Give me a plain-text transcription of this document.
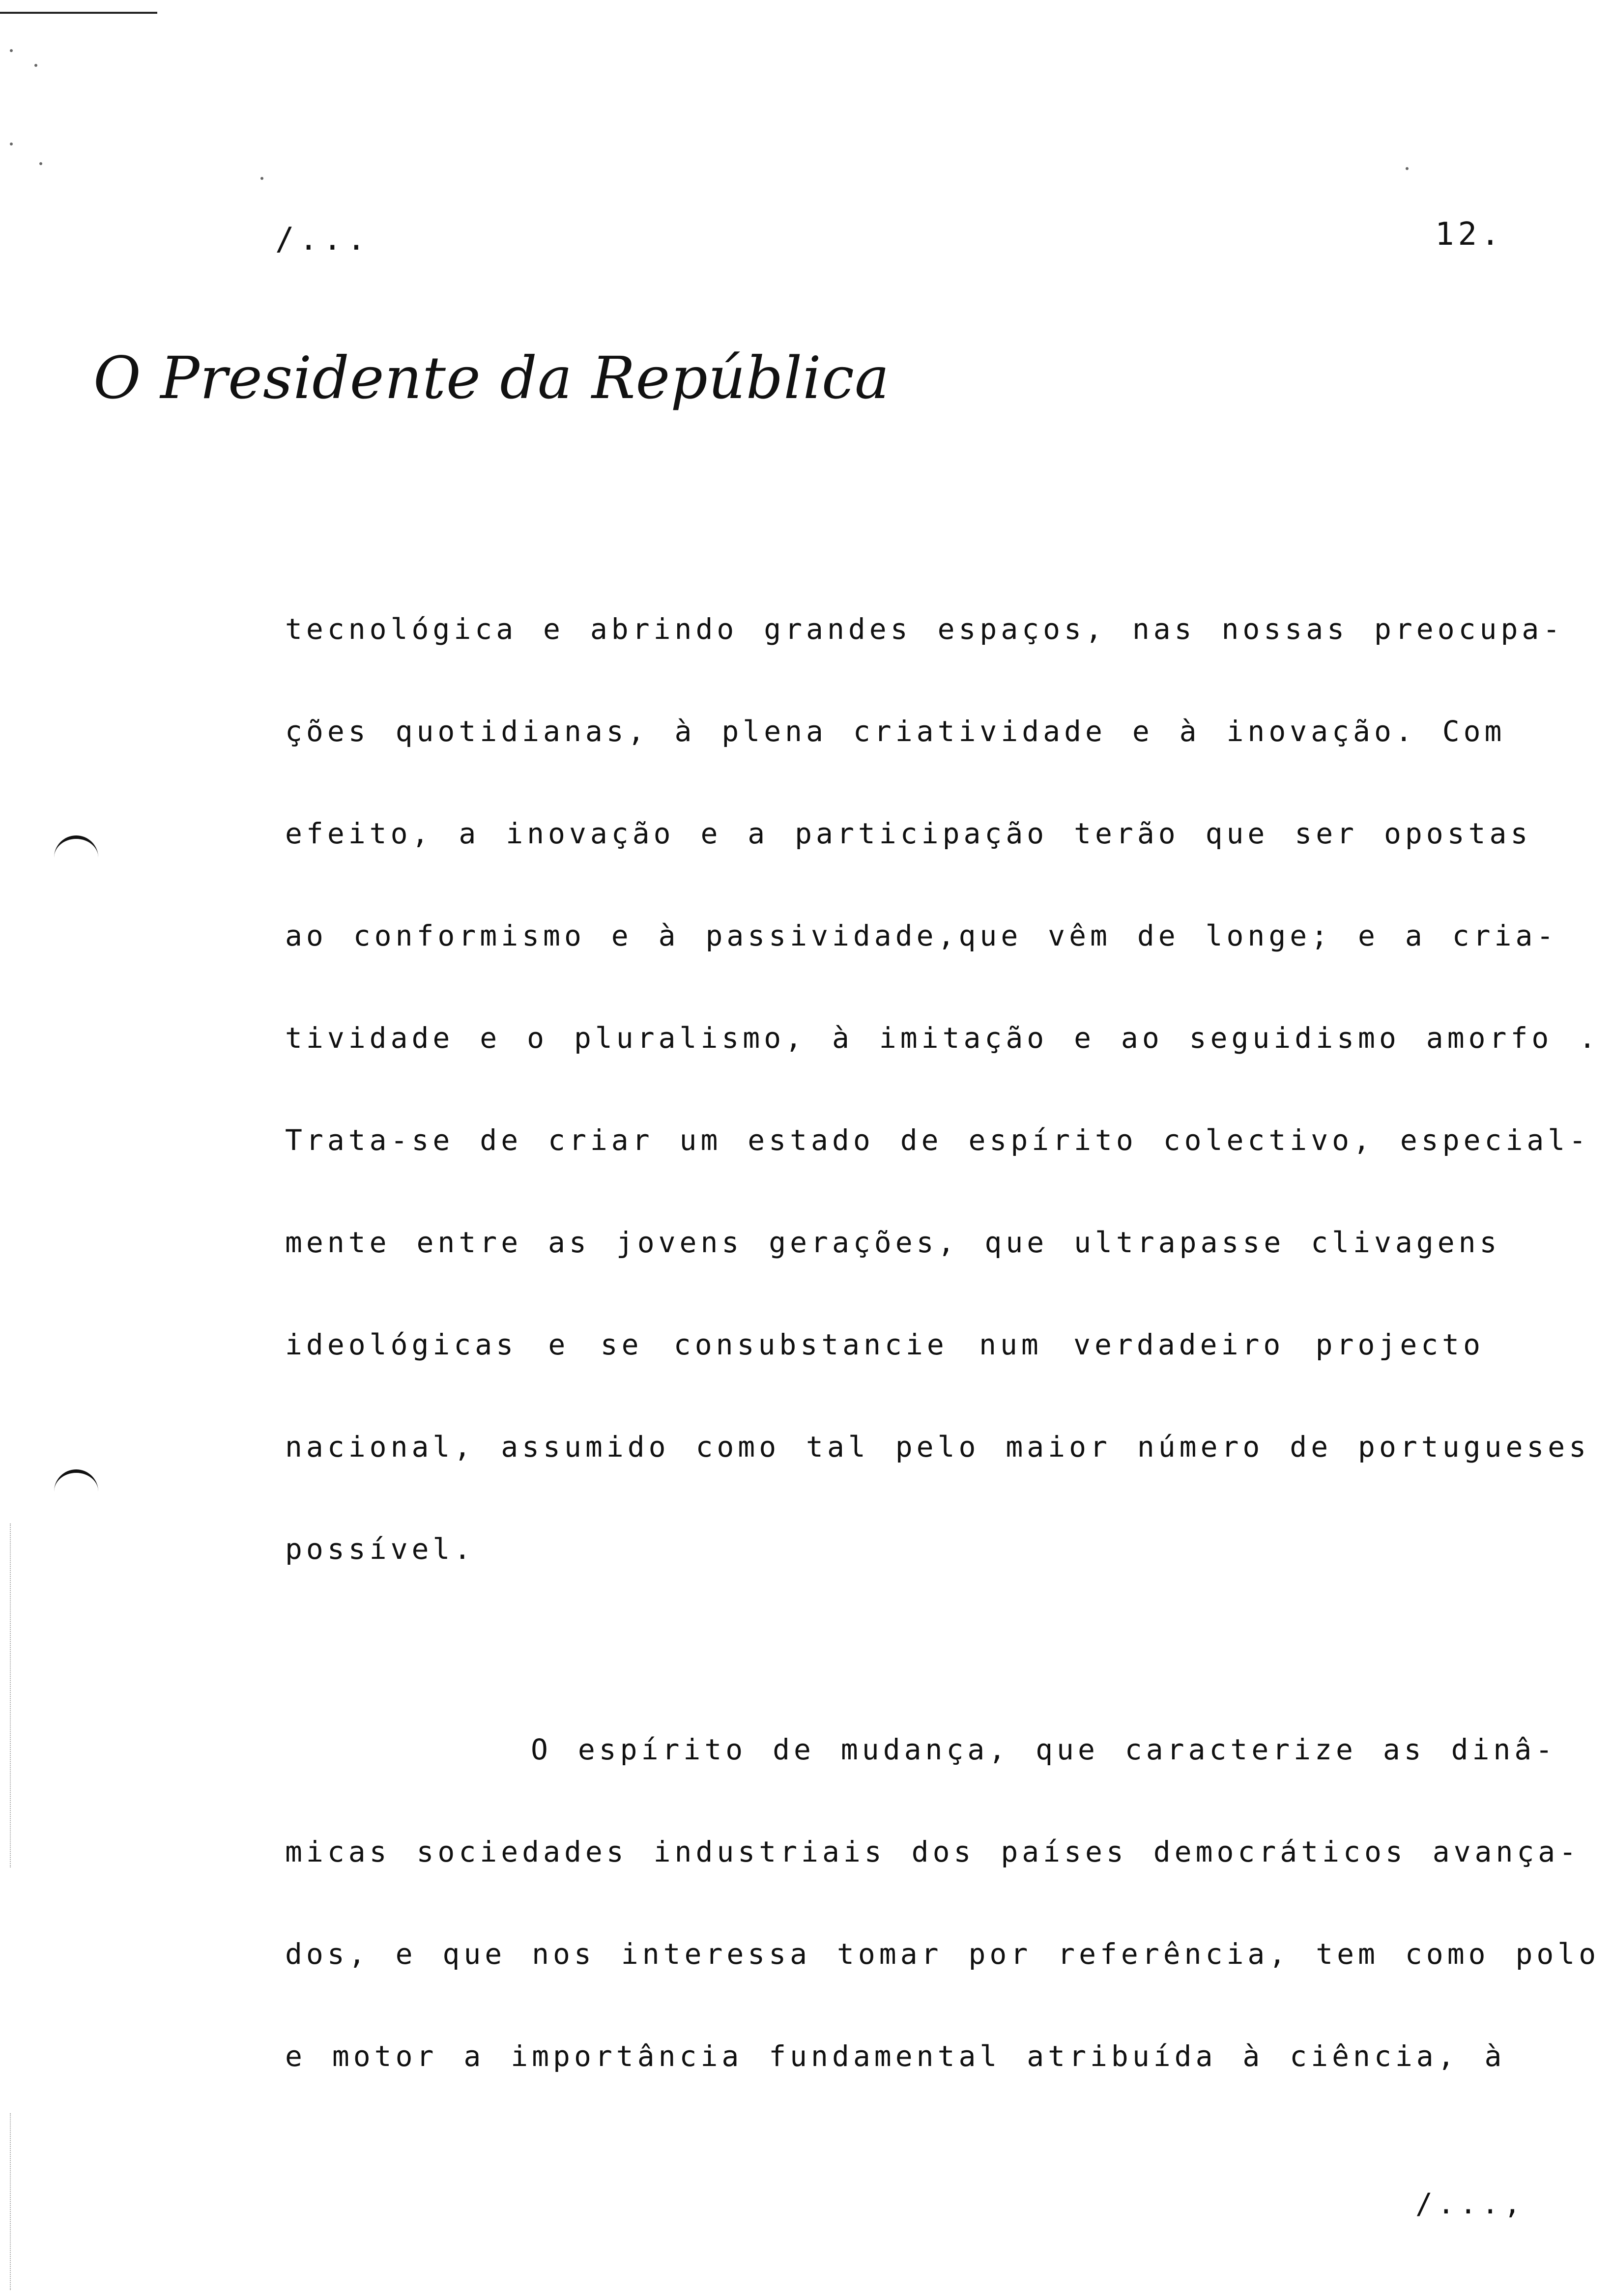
/...	12.
O Presidente da República
tecnológica e abrindo grandes espaços, nas nossas preocupa-
ções quotidianas, à plena criatividade e à inovação. Com
efeito, a inovação e a participação terão que ser opostas
ao conformismo e à passividade,que vêm de longe; e a cria-
tividade e o pluralismo, à imitação e ao seguidismo amorfo .
Trata-se de criar um estado de espírito colectivo, especial-
mente entre as jovens gerações, que ultrapasse clivagens
ideológicas e se consubstancie num verdadeiro projecto
nacional, assumido como tal pelo maior número de portugueses
possível.
O espírito de mudança, que caracterize as dinâ-
micas sociedades industriais dos países democráticos avança-
dos, e que nos interessa tomar por referência, tem como polo
e motor a importância fundamental atribuída à ciência, à
/...,
